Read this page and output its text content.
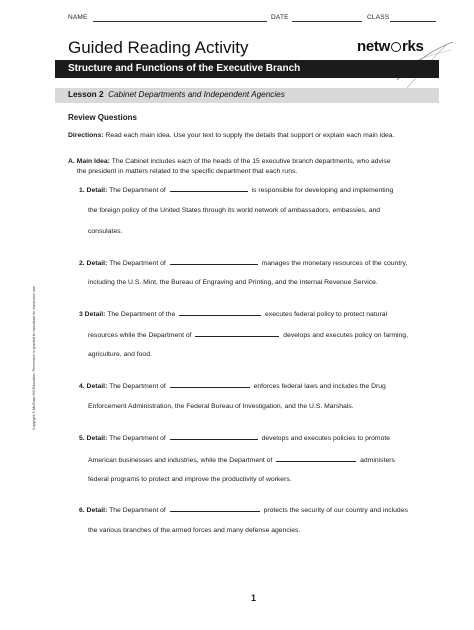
NAME	DATE	CLASS
Guided Reading Activity	netw rks
Structure and Functions of the Executive Branch
Lesson 2 Cabinet Departments and Independent Agencies
Review Questions
Directions: Read each main idea. Use your text to supply the details that support or explain each main idea.
A. Main Idea: The Cabinet includes each of the heads of the 15 executive branch departments, who advise
the president in matters related to the specific department that each runs.
1. Detail: The Department of	is responsible for developing and implementing
the foreign policy of the United States through its world network of ambassadors, embassies, and
consulates.
2. Detail: The Department of	manages the monetary resources of the country,
including the U.S. Mint, the Bureau of Engraving and Printing, and the Internal Revenue Service.
3 Detail: The Department of the	executes federal policy to protect natural
resources while the Department of	develops and executes policy on farming,
agriculture, and food.
4. Detail: The Department of	enforces federal laws and includes the Drug
Enforcement Administration, the Federal Bureau of Investigation, and the U.S. Marshals.
5. Detail: The Department of	develops and executes policies to promote
American businesses and industries, while the Department of	administers
federal programs to protect and improve the productivity of workers.
6. Detail: The Department of	protects the security of our country and includes
the various branches of the armed forces and many defense agencies.
Copyright © McGraw-Hill Education. Permission is granted to reproduce for classroom use.
1
